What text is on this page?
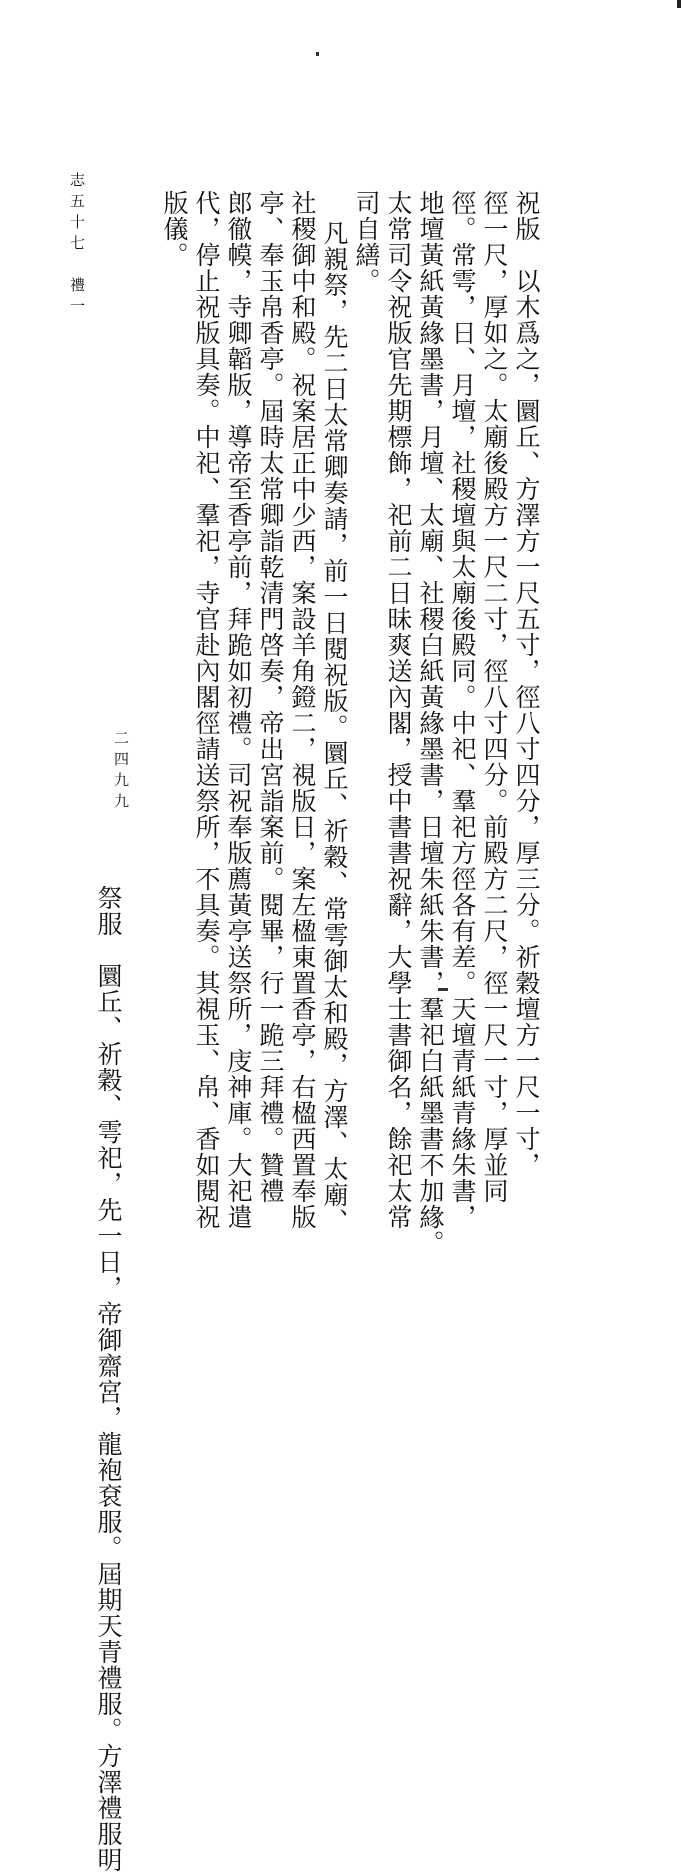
祝版　以木爲之，圜丘、方澤方一尺五寸，徑八寸四分，厚三分。祈穀壇方一尺一寸，

徑一尺，厚如之。太廟後殿方一尺二寸，徑八寸四分。前殿方二尺，徑一尺一寸，厚並同

徑。常雩，日、月壇，社稷壇與太廟後殿同。中祀、羣祀方徑各有差。天壇青紙青緣朱書，

地壇黃紙黃緣墨書，月壇、太廟、社稷白紙黃緣墨書，日壇朱紙朱書，羣祀白紙墨書不加緣。

太常司令祝版官先期標飾，祀前二日昧爽送內閣，授中書書祝辭，大學士書御名，餘祀太常

司自繕。

凡親祭，先二日太常卿奏請，前一日閱祝版。圜丘、祈穀、常雩御太和殿，方澤、太廟、

社稷御中和殿。祝案居正中少西，案設羊角鐙二，視版日，案左楹東置香亭，右楹西置奉版

亭、奉玉帛香亭。屆時太常卿詣乾清門啓奏，帝出宮詣案前。閱畢，行一跪三拜禮。贊禮

郎徹幙，寺卿韜版，導帝至香亭前，拜跪如初禮。司祝奉版薦黃亭送祭所，庋神庫。大祀遣

代，停止祝版具奏。中祀、羣祀，寺官赴內閣徑請送祭所，不具奏。其視玉、帛、香如閱祝

版儀。

祭服　圜丘、祈穀、雩祀，先一日，帝御齋宮，龍袍袞服。屆期天青禮服。方澤禮服明

志五十七　禮一
二四九九
